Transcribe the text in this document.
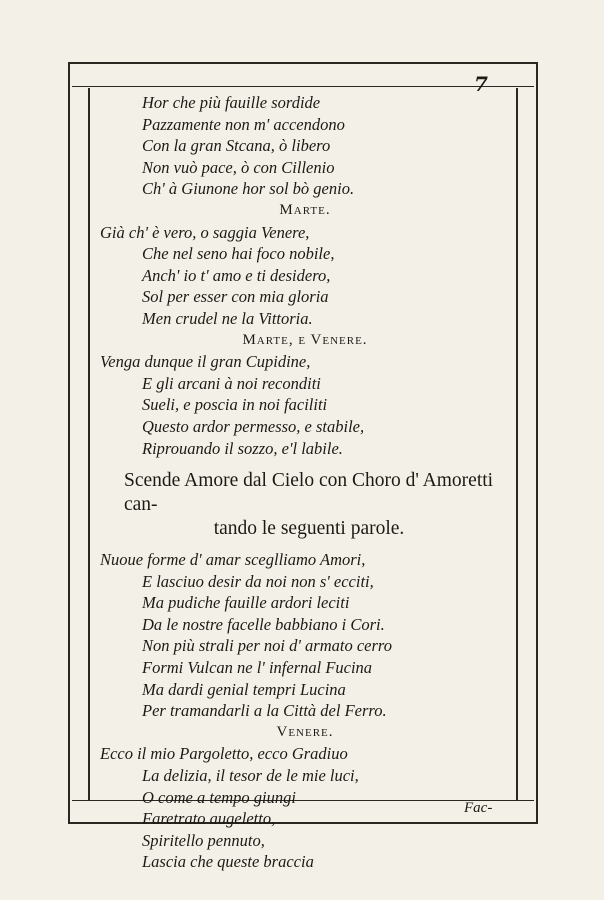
7
Hor che più fauille sordide
Pazzamente non m' accendono
Con la gran Stcana, ò libero
Non vuò pace, ò con Cillenio
Ch' à Giunone hor sol bò genio.
Marte.
Già ch' è vero, o saggia Venere,
Che nel seno hai foco nobile,
Anch' io t' amo e ti desidero,
Sol per esser con mia gloria
Men crudel ne la Vittoria.
Marte, e Venere.
Venga dunque il gran Cupidine,
E gli arcani à noi reconditi
Sueli, e poscia in noi faciliti
Questo ardor permesso, e stabile,
Riprouando il sozzo, e'l labile.
Scende Amore dal Cielo con Choro d' Amoretti can-
tando le seguenti parole.
Nuoue forme d' amar sceglliamo Amori,
E lasciuo desir da noi non s' ecciti,
Ma pudiche fauille ardori leciti
Da le nostre facelle babbiano i Cori.
Non più strali per noi d' armato cerro
Formi Vulcan ne l' infernal Fucina
Ma dardi genial tempri Lucina
Per tramandarli a la Città del Ferro.
Venere.
Ecco il mio Pargoletto, ecco Gradiuo
La delizia, il tesor de le mie luci,
O come a tempo giungi
Faretrato augeletto,
Spiritello pennuto,
Lascia che queste braccia
Fac-
